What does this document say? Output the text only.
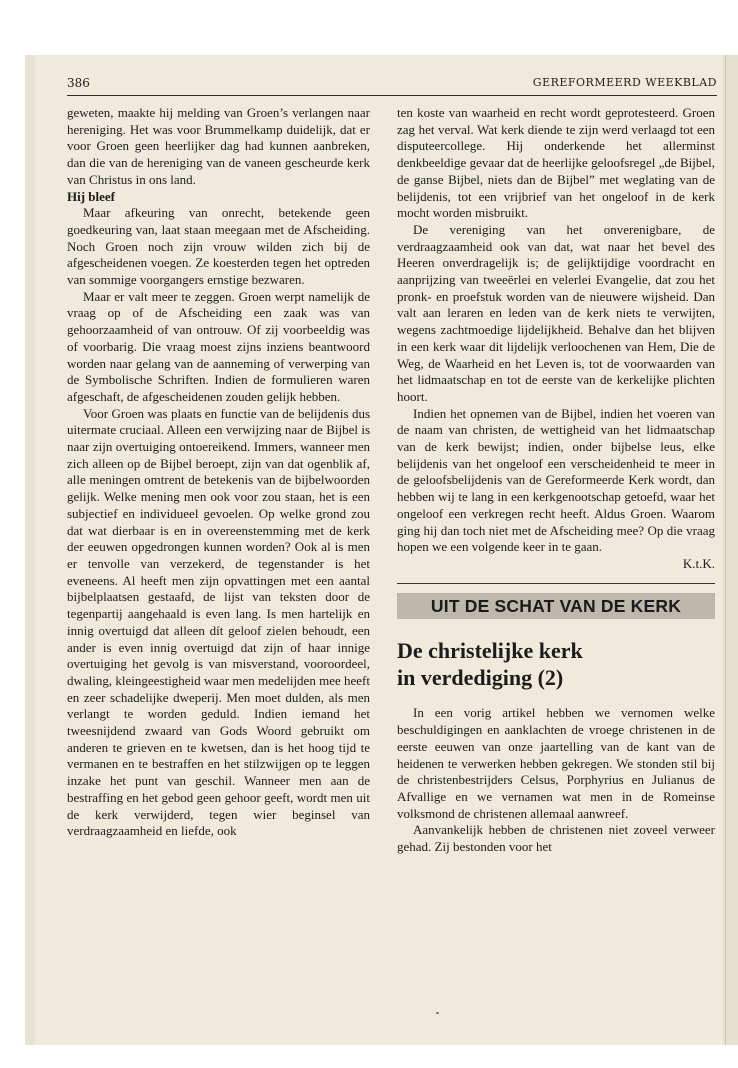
386	GEREFORMEERD WEEKBLAD

geweten, maakte hij melding van Groen’s verlangen naar hereniging. Het was voor Brummelkamp duidelijk, dat er voor Groen geen heerlijker dag had kunnen aanbreken, dan die van de hereniging van de vaneen gescheurde kerk van Christus in ons land.

Hij bleef

Maar afkeuring van onrecht, betekende geen goedkeuring van, laat staan meegaan met de Afscheiding. Noch Groen noch zijn vrouw wilden zich bij de afgescheidenen voegen. Ze koesterden tegen het optreden van sommige voorgangers ernstige bezwaren.

Maar er valt meer te zeggen. Groen werpt namelijk de vraag op of de Afscheiding een zaak was van gehoorzaamheid of van ontrouw. Of zij voorbeeldig was of voorbarig. Die vraag moest zijns inziens beantwoord worden naar gelang van de aanneming of verwerping van de Symbolische Schriften. Indien de formulieren waren afgeschaft, de afgescheidenen zouden gelijk hebben.

Voor Groen was plaats en functie van de belijdenis dus uitermate cruciaal. Alleen een verwijzing naar de Bijbel is naar zijn overtuiging ontoereikend. Immers, wanneer men zich alleen op de Bijbel beroept, zijn van dat ogenblik af, alle meningen omtrent de betekenis van de bijbelwoorden gelijk. Welke mening men ook voor zou staan, het is een subjectief en individueel gevoelen. Op welke grond zou dat wat dierbaar is en in overeenstemming met de kerk der eeuwen opgedrongen kunnen worden? Ook al is men er tenvolle van verzekerd, de tegenstander is het eveneens. Al heeft men zijn opvattingen met een aantal bijbelplaatsen gestaafd, de lijst van teksten door de tegenpartij aangehaald is even lang. Is men hartelijk en innig overtuigd dat alleen dít geloof zielen behoudt, een ander is even innig overtuigd dat zijn of haar innige overtuiging het gevolg is van misverstand, vooroordeel, dwaling, kleingeestigheid waar men medelijden mee heeft en zeer schadelijke dweperij. Men moet dulden, als men verlangt te worden geduld. Indien iemand het tweesnijdend zwaard van Gods Woord gebruikt om anderen te grieven en te kwetsen, dan is het hoog tijd te vermanen en te bestraffen en het stilzwijgen op te leggen inzake het punt van geschil. Wanneer men aan de bestraffing en het gebod geen gehoor geeft, wordt men uit de kerk verwijderd, tegen wier beginsel van verdraagzaamheid en liefde, ook

ten koste van waarheid en recht wordt geprotesteerd. Groen zag het verval. Wat kerk diende te zijn werd verlaagd tot een disputeercollege. Hij onderkende het allerminst denkbeeldige gevaar dat de heerlijke geloofsregel „de Bijbel, de ganse Bijbel, niets dan de Bijbel” met weglating van de belijdenis, tot een vrijbrief van het ongeloof in de kerk mocht worden misbruikt.

De vereniging van het onverenigbare, de verdraagzaamheid ook van dat, wat naar het bevel des Heeren onverdragelijk is; de gelijktijdige voordracht en aanprijzing van tweeërlei en velerlei Evangelie, dat zou het pronk- en proefstuk worden van de nieuwere wijsheid. Dan valt aan leraren en leden van de kerk niets te verwijten, wegens zachtmoedige lijdelijkheid. Behalve dan het blijven in een kerk waar dit lijdelijk verloochenen van Hem, Die de Weg, de Waarheid en het Leven is, tot de voorwaarden van het lidmaatschap en tot de eerste van de kerkelijke plichten hoort.

Indien het opnemen van de Bijbel, indien het voeren van de naam van christen, de wettigheid van het lidmaatschap van de kerk bewijst; indien, onder bijbelse leus, elke belijdenis van het ongeloof een verscheidenheid te meer in de geloofsbelijdenis van de Gereformeerde Kerk wordt, dan hebben wij te lang in een kerkgenootschap getoefd, waar het ongeloof een verkregen recht heeft. Aldus Groen. Waarom ging hij dan toch niet met de Afscheiding mee? Op die vraag hopen we een volgende keer in te gaan.

K.t.K.

UIT DE SCHAT VAN DE KERK
De christelijke kerk
in verdediging (2)

In een vorig artikel hebben we vernomen welke beschuldigingen en aanklachten de vroege christenen in de eerste eeuwen van onze jaartelling van de kant van de heidenen te verwerken hebben gekregen. We stonden stil bij de christenbestrijders Celsus, Porphyrius en Julianus de Afvallige en we vernamen wat men in de Romeinse volksmond de christenen allemaal aanwreef.

Aanvankelijk hebben de christenen niet zoveel verweer gehad. Zij bestonden voor het
